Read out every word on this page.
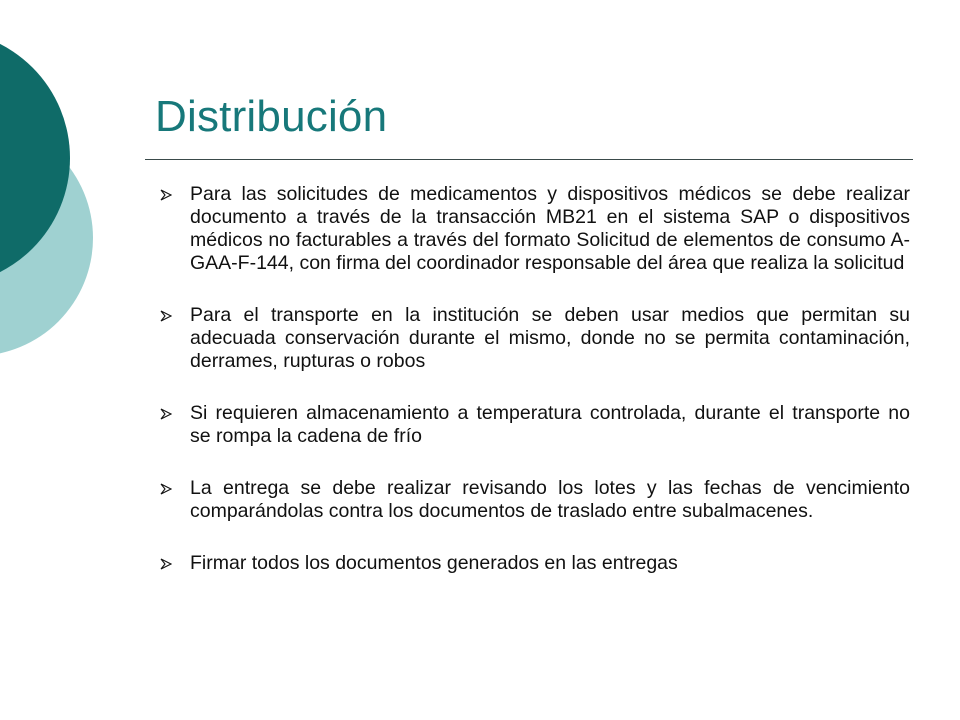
Distribución
Para las solicitudes de medicamentos y dispositivos médicos se debe realizar documento a través de la transacción MB21 en el sistema SAP o dispositivos médicos no facturables a través del formato Solicitud de elementos de consumo A-GAA-F-144, con firma del coordinador responsable del área que realiza la solicitud
Para el transporte en la institución se deben usar medios que permitan su adecuada conservación durante el mismo, donde no se permita contaminación, derrames, rupturas o robos
Si requieren almacenamiento a temperatura controlada, durante el transporte no se rompa la cadena de frío
La entrega se debe realizar revisando los lotes y las fechas de vencimiento comparándolas contra los documentos de traslado entre subalmacenes.
Firmar todos los documentos generados en las entregas
